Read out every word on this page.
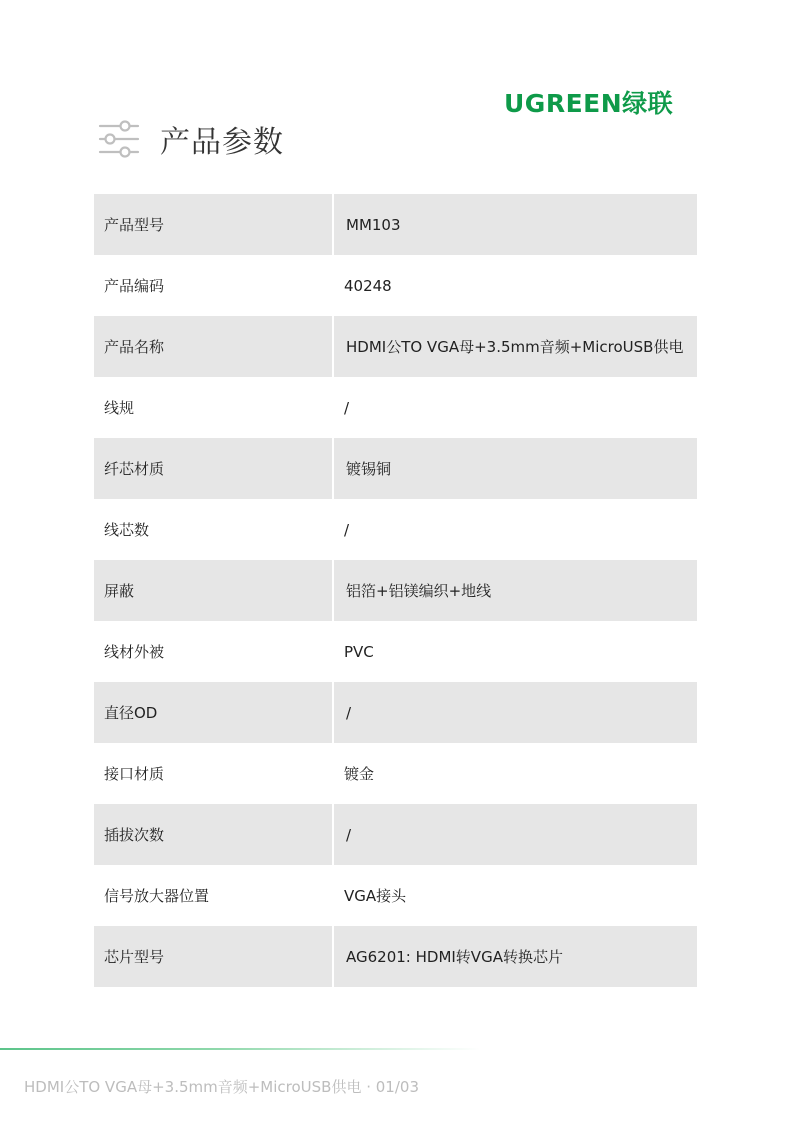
UGREEN绿联
产品参数
产品型号	MM103
产品编码	40248
产品名称	HDMI公TO VGA母+3.5mm音频+MicroUSB供电
线规	/
纤芯材质	镀锡铜
线芯数	/
屏蔽	铝箔+铝镁编织+地线
线材外被	PVC
直径OD	/
接口材质	镀金
插拔次数	/
信号放大器位置	VGA接头
芯片型号	AG6201: HDMI转VGA转换芯片
HDMI公TO VGA母+3.5mm音频+MicroUSB供电 · 01/03
